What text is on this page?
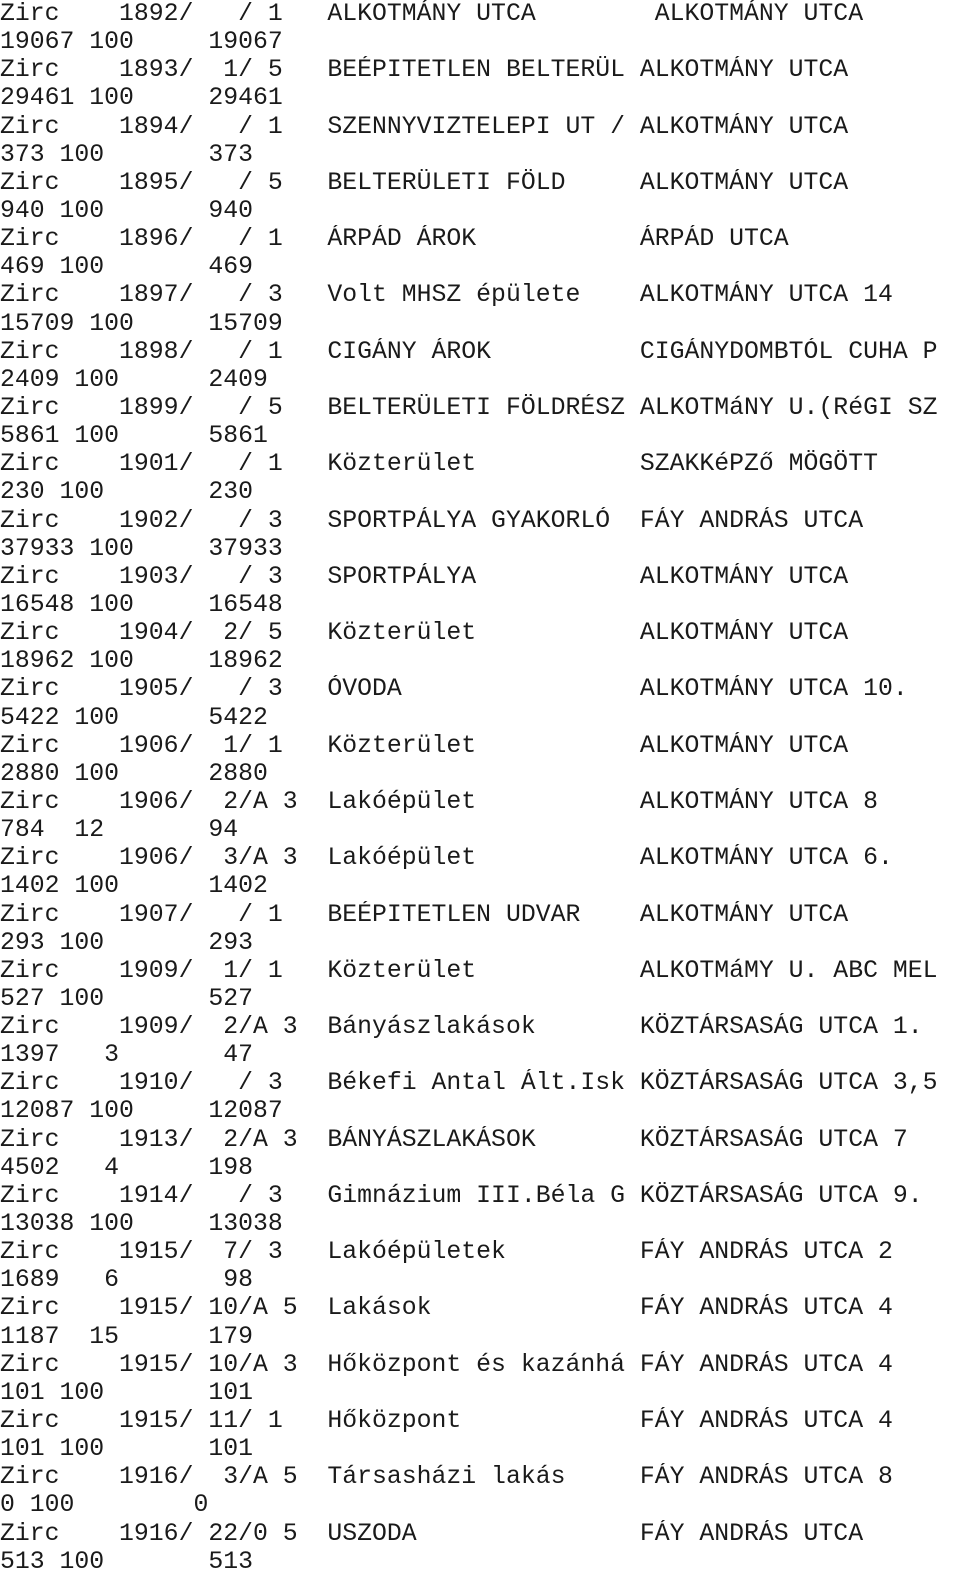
Zirc    1892/   / 1   ALKOTMÁNY UTCA        ALKOTMÁNY UTCA
19067 100     19067
Zirc    1893/  1/ 5   BEÉPITETLEN BELTERÜL ALKOTMÁNY UTCA
29461 100     29461
Zirc    1894/   / 1   SZENNYVIZTELEPI UT / ALKOTMÁNY UTCA
373 100       373
Zirc    1895/   / 5   BELTERÜLETI FÖLD     ALKOTMÁNY UTCA
940 100       940
Zirc    1896/   / 1   ÁRPÁD ÁROK           ÁRPÁD UTCA
469 100       469
Zirc    1897/   / 3   Volt MHSZ épülete    ALKOTMÁNY UTCA 14
15709 100     15709
Zirc    1898/   / 1   CIGÁNY ÁROK          CIGÁNYDOMBTÓL CUHA P
2409 100      2409
Zirc    1899/   / 5   BELTERÜLETI FÖLDRÉSZ ALKOTMáNY U.(RéGI SZ
5861 100      5861
Zirc    1901/   / 1   Közterület           SZAKKéPZő MÖGÖTT
230 100       230
Zirc    1902/   / 3   SPORTPÁLYA GYAKORLÓ  FÁY ANDRÁS UTCA
37933 100     37933
Zirc    1903/   / 3   SPORTPÁLYA           ALKOTMÁNY UTCA
16548 100     16548
Zirc    1904/  2/ 5   Közterület           ALKOTMÁNY UTCA
18962 100     18962
Zirc    1905/   / 3   ÓVODA                ALKOTMÁNY UTCA 10.
5422 100      5422
Zirc    1906/  1/ 1   Közterület           ALKOTMÁNY UTCA
2880 100      2880
Zirc    1906/  2/A 3  Lakóépület           ALKOTMÁNY UTCA 8
784  12       94
Zirc    1906/  3/A 3  Lakóépület           ALKOTMÁNY UTCA 6.
1402 100      1402
Zirc    1907/   / 1   BEÉPITETLEN UDVAR    ALKOTMÁNY UTCA
293 100       293
Zirc    1909/  1/ 1   Közterület           ALKOTMáMY U. ABC MEL
527 100       527
Zirc    1909/  2/A 3  Bányászlakások       KÖZTÁRSASÁG UTCA 1.
1397   3       47
Zirc    1910/   / 3   Békefi Antal Ált.Isk KÖZTÁRSASÁG UTCA 3,5
12087 100     12087
Zirc    1913/  2/A 3  BÁNYÁSZLAKÁSOK       KÖZTÁRSASÁG UTCA 7
4502   4      198
Zirc    1914/   / 3   Gimnázium III.Béla G KÖZTÁRSASÁG UTCA 9.
13038 100     13038
Zirc    1915/  7/ 3   Lakóépületek         FÁY ANDRÁS UTCA 2
1689   6       98
Zirc    1915/ 10/A 5  Lakások              FÁY ANDRÁS UTCA 4
1187  15      179
Zirc    1915/ 10/A 3  Hőközpont és kazánhá FÁY ANDRÁS UTCA 4
101 100       101
Zirc    1915/ 11/ 1   Hőközpont            FÁY ANDRÁS UTCA 4
101 100       101
Zirc    1916/  3/A 5  Társasházi lakás     FÁY ANDRÁS UTCA 8
0 100        0
Zirc    1916/ 22/0 5  USZODA               FÁY ANDRÁS UTCA
513 100       513
